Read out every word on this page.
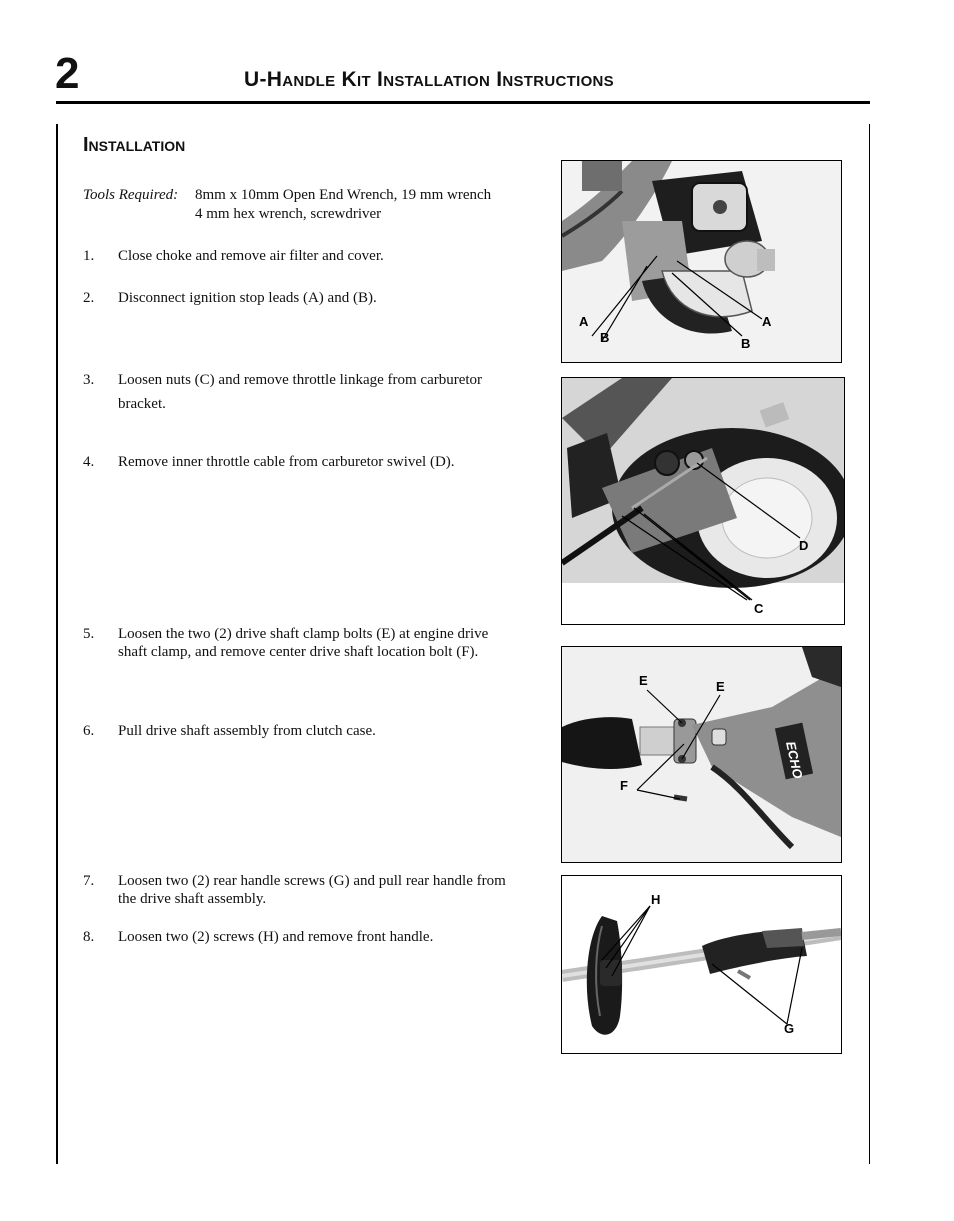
2	U-Handle Kit Installation Instructions
Installation
Tools Required: 8mm x 10mm Open End Wrench, 19 mm wrench
4 mm hex wrench, screwdriver
1. Close choke and remove air filter and cover.
2. Disconnect ignition stop leads (A) and (B).
3. Loosen nuts (C) and remove throttle linkage from carburetor bracket.
4. Remove inner throttle cable from carburetor swivel (D).
5. Loosen the two (2) drive shaft clamp bolts (E) at engine drive shaft clamp, and remove center drive shaft location bolt (F).
6. Pull drive shaft assembly from clutch case.
7. Loosen two (2) rear handle screws (G) and pull rear handle from the drive shaft assembly.
8. Loosen two (2) screws (H) and remove front handle.
A
B
A
B
D
C
ECHO
E	E
F
H
G
